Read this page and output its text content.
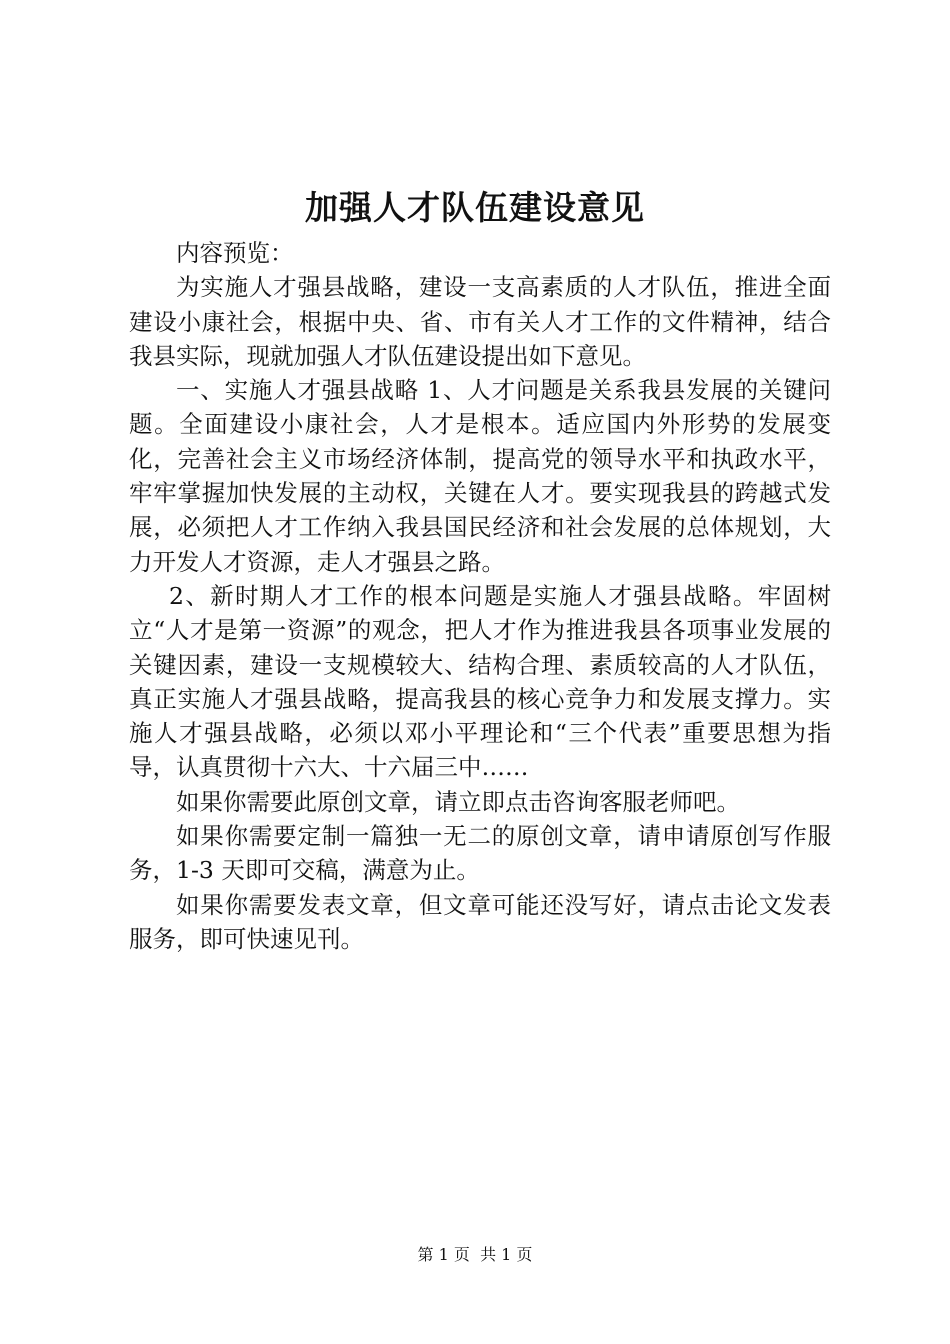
加强人才队伍建设意见

内容预览：

为实施人才强县战略，建设一支高素质的人才队伍，推进全面建设小康社会，根据中央、省、市有关人才工作的文件精神，结合我县实际，现就加强人才队伍建设提出如下意见。

一、实施人才强县战略 1、人才问题是关系我县发展的关键问题。全面建设小康社会，人才是根本。适应国内外形势的发展变化，完善社会主义市场经济体制，提高党的领导水平和执政水平，牢牢掌握加快发展的主动权，关键在人才。要实现我县的跨越式发展，必须把人才工作纳入我县国民经济和社会发展的总体规划，大力开发人才资源，走人才强县之路。

2、新时期人才工作的根本问题是实施人才强县战略。牢固树立“人才是第一资源”的观念，把人才作为推进我县各项事业发展的关键因素，建设一支规模较大、结构合理、素质较高的人才队伍，真正实施人才强县战略，提高我县的核心竞争力和发展支撑力。实施人才强县战略，必须以邓小平理论和“三个代表”重要思想为指导，认真贯彻十六大、十六届三中……

如果你需要此原创文章，请立即点击咨询客服老师吧。

如果你需要定制一篇独一无二的原创文章，请申请原创写作服务，1-3 天即可交稿，满意为止。

如果你需要发表文章，但文章可能还没写好，请点击论文发表服务，即可快速见刊。

第 1 页  共 1 页
